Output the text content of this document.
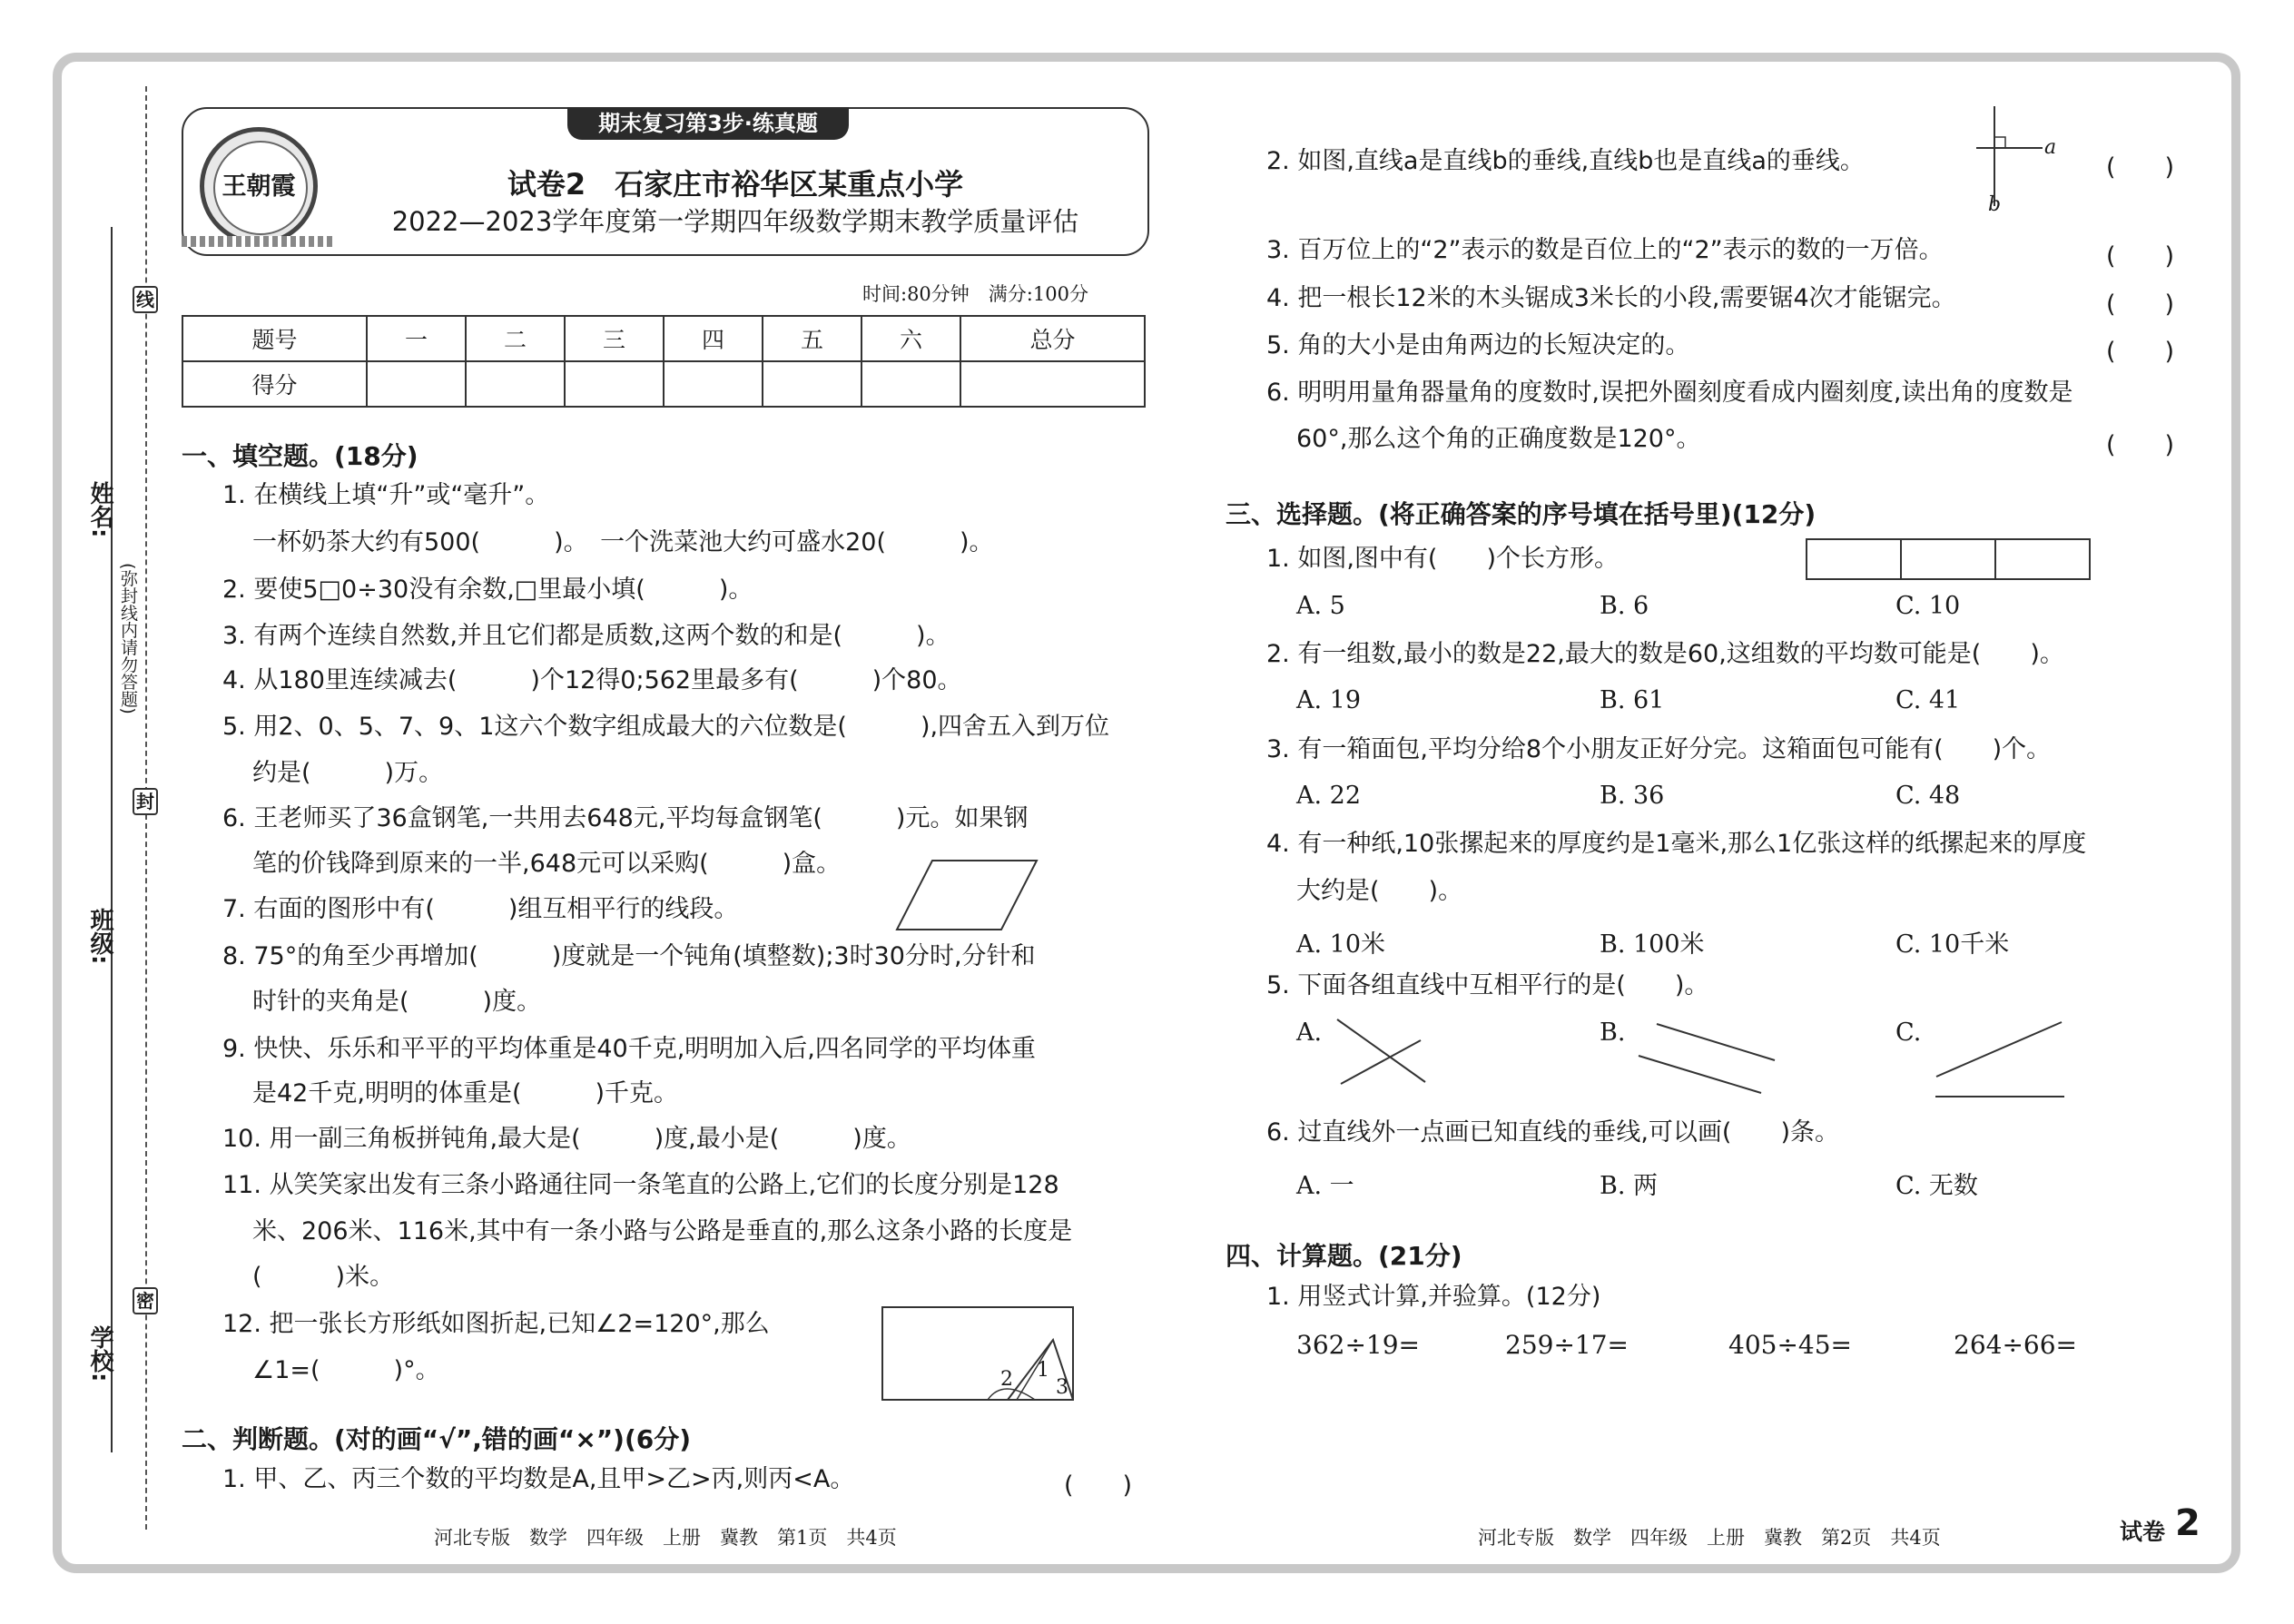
线
封
密
姓名:
班级:
学校:
(弥封线内请勿答题)
期末复习第3步·练真题
王朝霞	试卷2　石家庄市裕华区某重点小学
2022—2023学年度第一学期四年级数学期末教学质量评估
时间:80分钟　满分:100分
题号	一	二	三	四	五	六	总分
得分							
一、填空题。(18分)
1. 在横线上填“升”或“毫升”。
一杯奶茶大约有500(　　　)。　一个洗菜池大约可盛水20(　　　)。
2. 要使5□0÷30没有余数,□里最小填(　　　)。
3. 有两个连续自然数,并且它们都是质数,这两个数的和是(　　　)。
4. 从180里连续减去(　　　)个12得0;562里最多有(　　　)个80。
5. 用2、0、5、7、9、1这六个数字组成最大的六位数是(　　　),四舍五入到万位
约是(　　　)万。
6. 王老师买了36盒钢笔,一共用去648元,平均每盒钢笔(　　　)元。如果钢
笔的价钱降到原来的一半,648元可以采购(　　　)盒。
7. 右面的图形中有(　　　)组互相平行的线段。
8. 75°的角至少再增加(　　　)度就是一个钝角(填整数);3时30分时,分针和
时针的夹角是(　　　)度。
9. 快快、乐乐和平平的平均体重是40千克,明明加入后,四名同学的平均体重
是42千克,明明的体重是(　　　)千克。
10. 用一副三角板拼钝角,最大是(　　　)度,最小是(　　　)度。
11. 从笑笑家出发有三条小路通往同一条笔直的公路上,它们的长度分别是128
米、206米、116米,其中有一条小路与公路是垂直的,那么这条小路的长度是
(　　　)米。
12. 把一张长方形纸如图折起,已知∠2=120°,那么
∠1=(　　　)°。	2 1
3
二、判断题。(对的画“√”,错的画“×”)(6分)
1. 甲、乙、丙三个数的平均数是A,且甲>乙>丙,则丙<A。	(　　)
2. 如图,直线a是直线b的垂线,直线b也是直线a的垂线。	a
b
(　　)
3. 百万位上的“2”表示的数是百位上的“2”表示的数的一万倍。	(　　)
4. 把一根长12米的木头锯成3米长的小段,需要锯4次才能锯完。	(　　)
5. 角的大小是由角两边的长短决定的。	(　　)
6. 明明用量角器量角的度数时,误把外圈刻度看成内圈刻度,读出角的度数是
60°,那么这个角的正确度数是120°。	(　　)
三、选择题。(将正确答案的序号填在括号里)(12分)
1. 如图,图中有(　　)个长方形。
A. 5	B. 6	C. 10
2. 有一组数,最小的数是22,最大的数是60,这组数的平均数可能是(　　)。
A. 19	B. 61	C. 41
3. 有一箱面包,平均分给8个小朋友正好分完。这箱面包可能有(　　)个。
A. 22	B. 36	C. 48
4. 有一种纸,10张摞起来的厚度约是1毫米,那么1亿张这样的纸摞起来的厚度
大约是(　　)。
A. 10米	B. 100米	C. 10千米
5. 下面各组直线中互相平行的是(　　)。
A.	B.	C.
6. 过直线外一点画已知直线的垂线,可以画(　　)条。
A. 一	B. 两	C. 无数
四、计算题。(21分)
1. 用竖式计算,并验算。(12分)
362÷19=	259÷17=	405÷45=	264÷66=
河北专版　数学　四年级　上册　冀教　第1页　共4页	河北专版　数学　四年级　上册　冀教　第2页　共4页	试卷 2
